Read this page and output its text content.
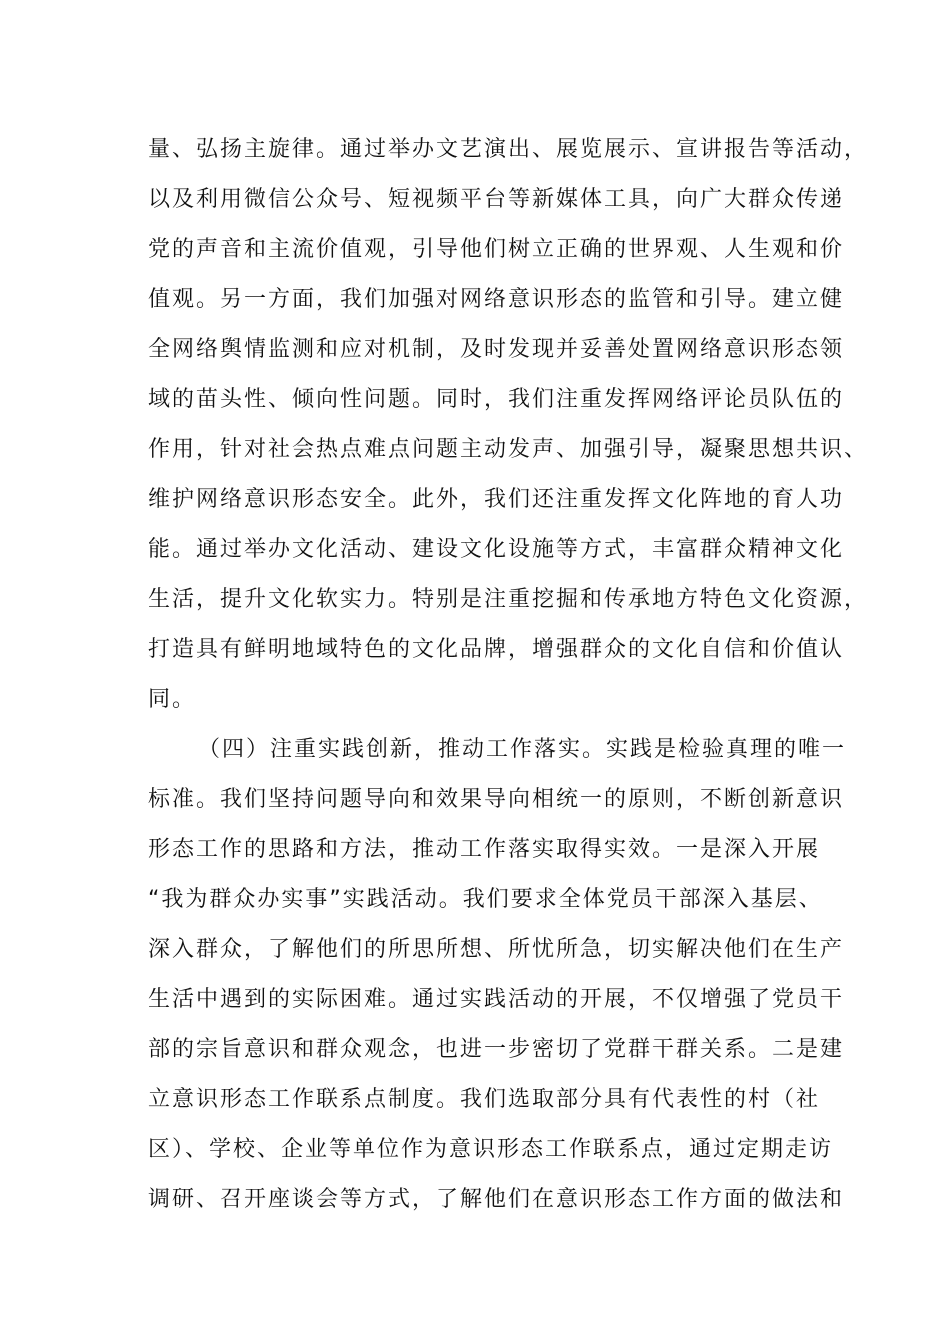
量、弘扬主旋律。通过举办文艺演出、展览展示、宣讲报告等活动，
以及利用微信公众号、短视频平台等新媒体工具，向广大群众传递
党的声音和主流价值观，引导他们树立正确的世界观、人生观和价
值观。另一方面，我们加强对网络意识形态的监管和引导。建立健
全网络舆情监测和应对机制，及时发现并妥善处置网络意识形态领
域的苗头性、倾向性问题。同时，我们注重发挥网络评论员队伍的
作用，针对社会热点难点问题主动发声、加强引导，凝聚思想共识、
维护网络意识形态安全。此外，我们还注重发挥文化阵地的育人功
能。通过举办文化活动、建设文化设施等方式，丰富群众精神文化
生活，提升文化软实力。特别是注重挖掘和传承地方特色文化资源，
打造具有鲜明地域特色的文化品牌，增强群众的文化自信和价值认
同。
（四）注重实践创新，推动工作落实。实践是检验真理的唯一
标准。我们坚持问题导向和效果导向相统一的原则，不断创新意识
形态工作的思路和方法，推动工作落实取得实效。一是深入开展
“我为群众办实事”实践活动。我们要求全体党员干部深入基层、
深入群众，了解他们的所思所想、所忧所急，切实解决他们在生产
生活中遇到的实际困难。通过实践活动的开展，不仅增强了党员干
部的宗旨意识和群众观念，也进一步密切了党群干群关系。二是建
立意识形态工作联系点制度。我们选取部分具有代表性的村（社
区）、学校、企业等单位作为意识形态工作联系点，通过定期走访
调研、召开座谈会等方式，了解他们在意识形态工作方面的做法和
